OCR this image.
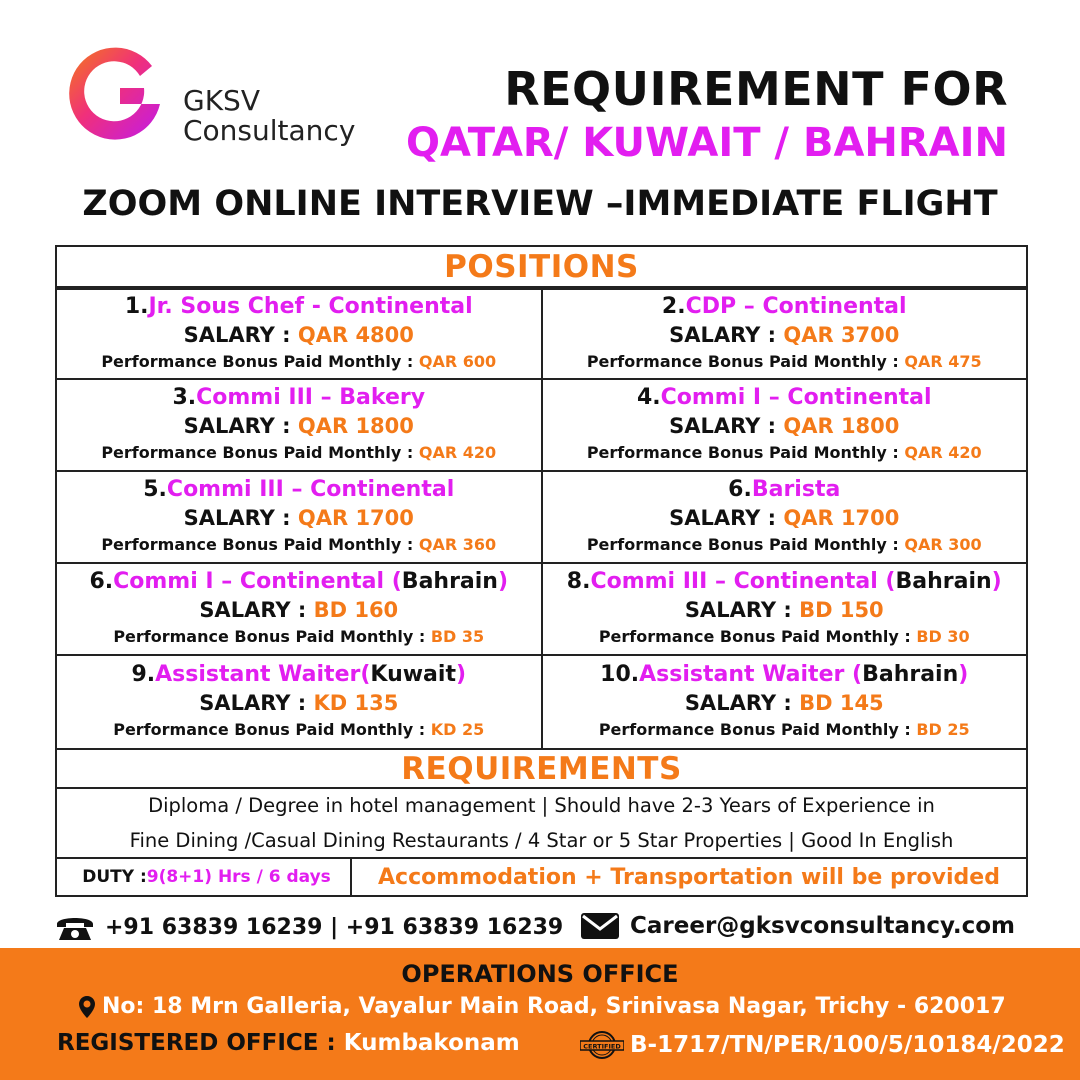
GKSV
Consultancy
REQUIREMENT FOR
QATAR/ KUWAIT / BAHRAIN
ZOOM ONLINE INTERVIEW –IMMEDIATE FLIGHT
POSITIONS
1.Jr. Sous Chef - Continental
SALARY : QAR 4800
Performance Bonus Paid Monthly : QAR 600
2.CDP – Continental
SALARY : QAR 3700
Performance Bonus Paid Monthly : QAR 475
3.Commi III – Bakery
SALARY : QAR 1800
Performance Bonus Paid Monthly : QAR 420
4.Commi I – Continental
SALARY : QAR 1800
Performance Bonus Paid Monthly : QAR 420
5.Commi III – Continental
SALARY : QAR 1700
Performance Bonus Paid Monthly : QAR 360
6.Barista
SALARY : QAR 1700
Performance Bonus Paid Monthly : QAR 300
6.Commi I – Continental (Bahrain)
SALARY : BD 160
Performance Bonus Paid Monthly : BD 35
8.Commi III – Continental (Bahrain)
SALARY : BD 150
Performance Bonus Paid Monthly : BD 30
9.Assistant Waiter(Kuwait)
SALARY : KD 135
Performance Bonus Paid Monthly : KD 25
10.Assistant Waiter (Bahrain)
SALARY : BD 145
Performance Bonus Paid Monthly : BD 25
REQUIREMENTS
Diploma / Degree in hotel management | Should have 2-3 Years of Experience in
Fine Dining /Casual Dining Restaurants / 4 Star or 5 Star Properties | Good In English
DUTY : 9(8+1) Hrs / 6 days	Accommodation + Transportation will be provided
+91 63839 16239 | +91 63839 16239	Career@gksvconsultancy.com
OPERATIONS OFFICE
No: 18 Mrn Galleria, Vayalur Main Road, Srinivasa Nagar, Trichy - 620017
REGISTERED OFFICE : Kumbakonam	CERTIFIED B-1717/TN/PER/100/5/10184/2022
